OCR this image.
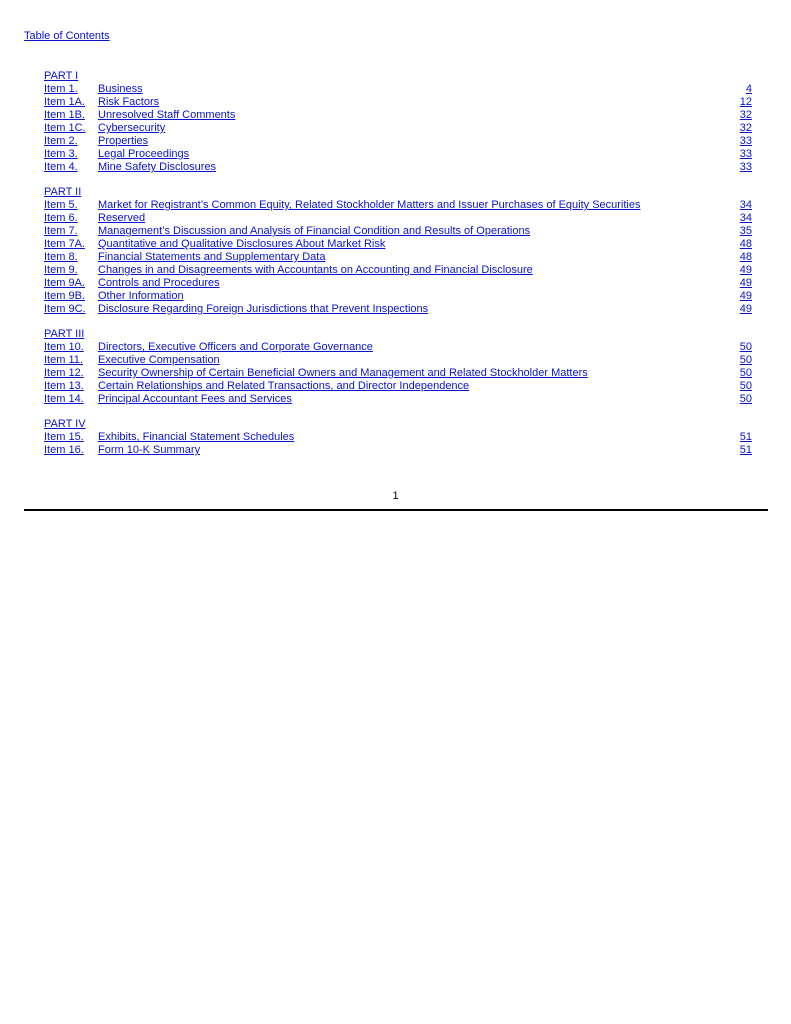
Table of Contents
PART I
Item 1. Business	4
Item 1A. Risk Factors	12
Item 1B. Unresolved Staff Comments	32
Item 1C. Cybersecurity	32
Item 2. Properties	33
Item 3. Legal Proceedings	33
Item 4. Mine Safety Disclosures	33
PART II
Item 5. Market for Registrant’s Common Equity, Related Stockholder Matters and Issuer Purchases of Equity Securities	34
Item 6. Reserved	34
Item 7. Management’s Discussion and Analysis of Financial Condition and Results of Operations	35
Item 7A. Quantitative and Qualitative Disclosures About Market Risk	48
Item 8. Financial Statements and Supplementary Data	48
Item 9. Changes in and Disagreements with Accountants on Accounting and Financial Disclosure	49
Item 9A. Controls and Procedures	49
Item 9B. Other Information	49
Item 9C. Disclosure Regarding Foreign Jurisdictions that Prevent Inspections	49
PART III
Item 10. Directors, Executive Officers and Corporate Governance	50
Item 11. Executive Compensation	50
Item 12. Security Ownership of Certain Beneficial Owners and Management and Related Stockholder Matters	50
Item 13. Certain Relationships and Related Transactions, and Director Independence	50
Item 14. Principal Accountant Fees and Services	50
PART IV
Item 15. Exhibits, Financial Statement Schedules	51
Item 16. Form 10-K Summary	51
1
